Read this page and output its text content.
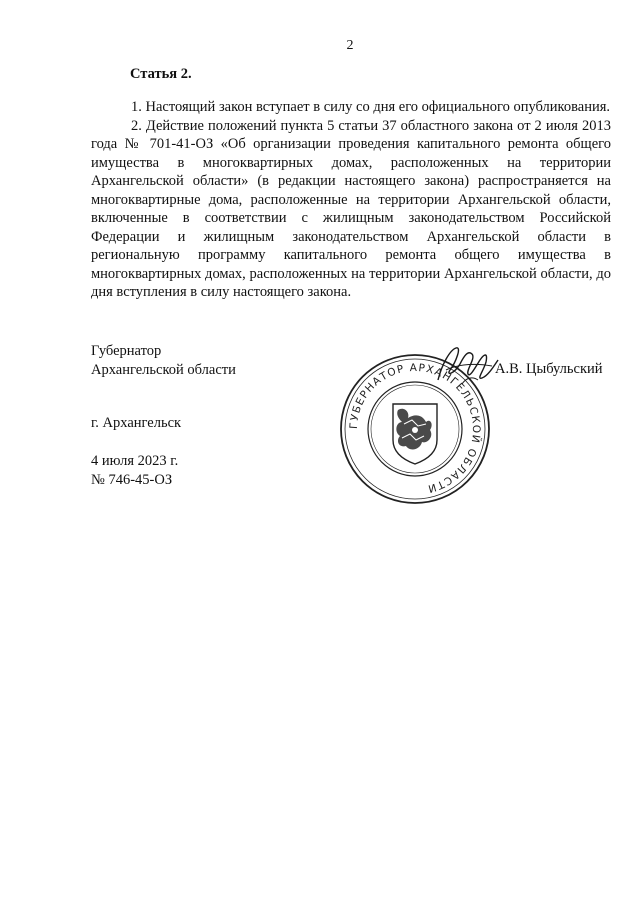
2
Статья 2.

1. Настоящий закон вступает в силу со дня его официального опубликования.

2. Действие положений пункта 5 статьи 37 областного закона от 2 июля 2013 года № 701-41-ОЗ «Об организации проведения капитального ремонта общего имущества в многоквартирных домах, расположенных на территории Архангельской области» (в редакции настоящего закона) распространяется на многоквартирные дома, расположенные на территории Архангельской области, включенные в соответствии с жилищным законодательством Российской Федерации и жилищным законодательством Архангельской области в региональную программу капитального ремонта общего имущества в многоквартирных домах, расположенных на территории Архангельской области, до дня вступления в силу настоящего закона.

Губернатор
Архангельской области
ГУБЕРНАТОР АРХАНГЕЛЬСКОЙ ОБЛАСТИ
А.В. Цыбульский
г. Архангельск
4 июля 2023 г.
№ 746-45-ОЗ
